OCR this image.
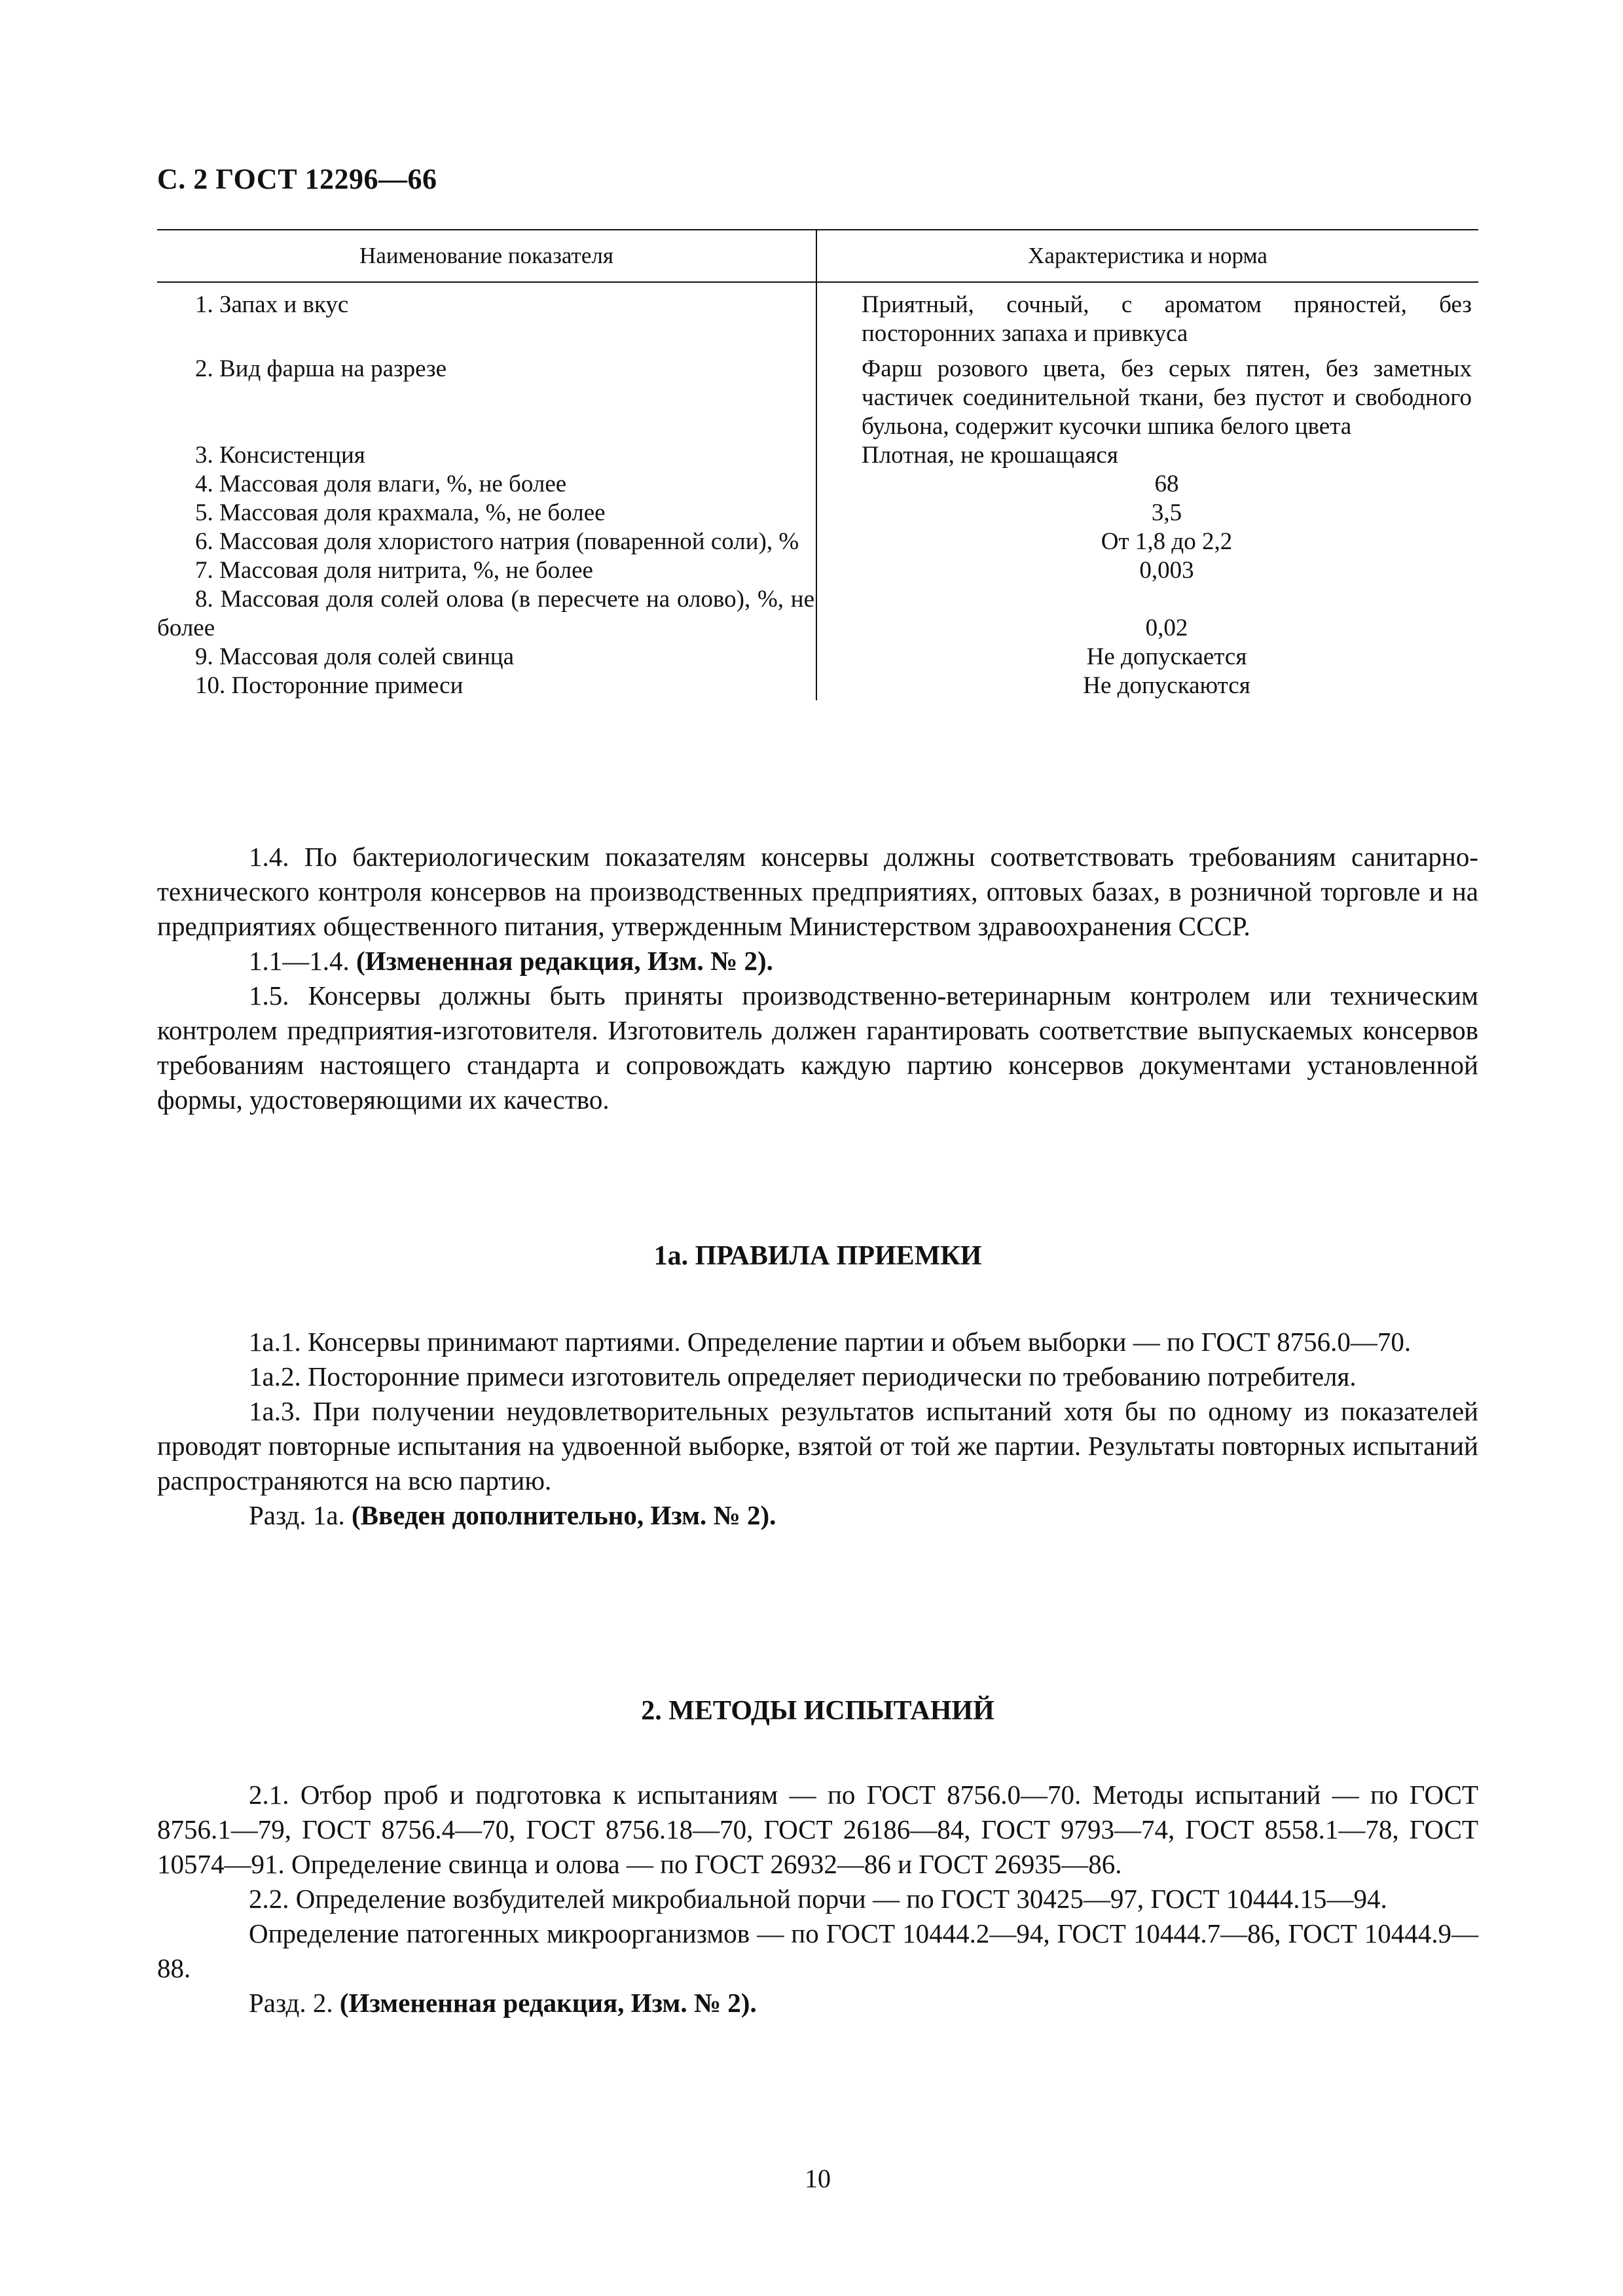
С. 2 ГОСТ 12296—66
Наименование показателя	Характеристика и норма
1. Запах и вкус	Приятный, сочный, с ароматом пряностей, без посторонних запаха и привкуса
2. Вид фарша на разрезе	Фарш розового цвета, без серых пятен, без заметных частичек соединительной ткани, без пустот и свободного бульона, содержит кусочки шпика белого цвета
3. Консистенция	Плотная, не крошащаяся
4. Массовая доля влаги, %, не более	68
5. Массовая доля крахмала, %, не более	3,5
6. Массовая доля хлористого натрия (поваренной соли), %	От 1,8 до 2,2
7. Массовая доля нитрита, %, не более	0,003
8. Массовая доля солей олова (в пересчете на олово), %, не более	0,02
9. Массовая доля солей свинца	Не допускается
10. Посторонние примеси	Не допускаются

1.4. По бактериологическим показателям консервы должны соответствовать требованиям санитарно-технического контроля консервов на производственных предприятиях, оптовых базах, в розничной торговле и на предприятиях общественного питания, утвержденным Министерством здравоохранения СССР.

1.1—1.4. (Измененная редакция, Изм. № 2).

1.5. Консервы должны быть приняты производственно-ветеринарным контролем или техническим контролем предприятия-изготовителя. Изготовитель должен гарантировать соответствие выпускаемых консервов требованиям настоящего стандарта и сопровождать каждую партию консервов документами установленной формы, удостоверяющими их качество.

1а. ПРАВИЛА ПРИЕМКИ

1а.1. Консервы принимают партиями. Определение партии и объем выборки — по ГОСТ 8756.0—70.

1а.2. Посторонние примеси изготовитель определяет периодически по требованию потребителя.

1а.3. При получении неудовлетворительных результатов испытаний хотя бы по одному из показателей проводят повторные испытания на удвоенной выборке, взятой от той же партии. Результаты повторных испытаний распространяются на всю партию.

Разд. 1а. (Введен дополнительно, Изм. № 2).

2. МЕТОДЫ ИСПЫТАНИЙ

2.1. Отбор проб и подготовка к испытаниям — по ГОСТ 8756.0—70. Методы испытаний — по ГОСТ 8756.1—79, ГОСТ 8756.4—70, ГОСТ 8756.18—70, ГОСТ 26186—84, ГОСТ 9793—74, ГОСТ 8558.1—78, ГОСТ 10574—91. Определение свинца и олова — по ГОСТ 26932—86 и ГОСТ 26935—86.

2.2. Определение возбудителей микробиальной порчи — по ГОСТ 30425—97, ГОСТ 10444.15—94.

Определение патогенных микроорганизмов — по ГОСТ 10444.2—94, ГОСТ 10444.7—86, ГОСТ 10444.9—88.

Разд. 2. (Измененная редакция, Изм. № 2).

10
